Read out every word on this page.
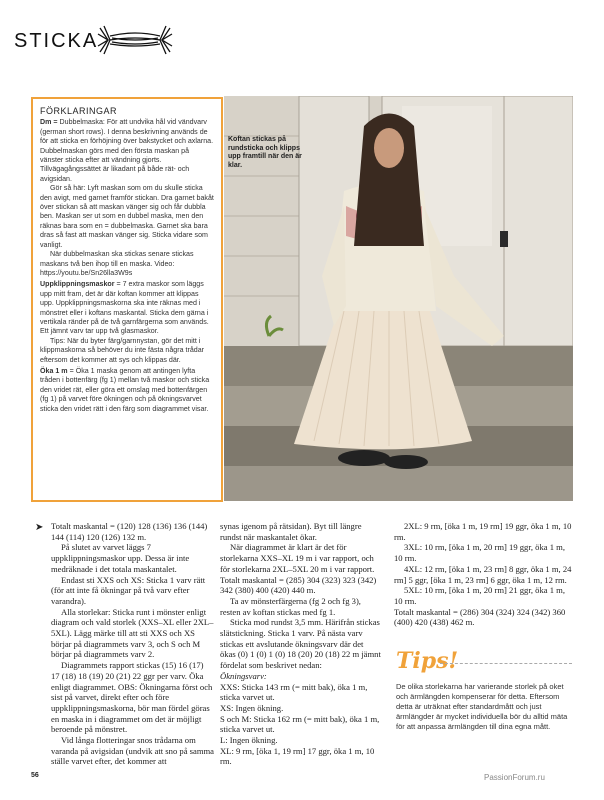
STICKA
FÖRKLARINGAR

Dm = Dubbelmaska: För att undvika hål vid vändvarv (german short rows). I denna beskrivning används de för att sticka en förhöjning över bakstycket och axlarna. Dubbelmaskan görs med den första maskan på vänster sticka efter att vändning gjorts. Tillvägagångssättet är likadant på både rät- och avigsidan.

Gör så här: Lyft maskan som om du skulle sticka den avigt, med garnet framför stickan. Dra garnet bakåt över stickan så att maskan vänger sig och får dubbla ben. Maskan ser ut som en dubbel maska, men den räknas bara som en = dubbelmaska. Garnet ska bara dras så fast att maskan vänger sig. Sticka vidare som vanligt.

När dubbelmaskan ska stickas senare stickas maskans två ben ihop till en maska. Video: https://youtu.be/Sn26lla3W9s

Uppklippningsmaskor = 7 extra maskor som läggs upp mitt fram, det är där koftan kommer att klippas upp. Uppklippningsmaskorna ska inte räknas med i mönstret eller i koftans maskantal. Sticka dem gärna i vertikala ränder på de två garnfärgerna som används. Ett jämnt varv tar upp två glasmaskor.

Tips: När du byter färg/garnnystan, gör det mitt i klippmaskorna så behöver du inte fästa några trådar eftersom det kommer att sys och klippas där.

Öka 1 m = Öka 1 maska genom att antingen lyfta tråden i bottenfärg (fg 1) mellan två maskor och sticka den vridet rät, eller göra ett omslag med bottenfärgen (fg 1) på varvet före ökningen och på ökningsvarvet sticka den vridet rätt i den färg som diagrammet visar.

Koftan stickas på rundsticka och klipps upp framtill när den är klar.
➤ Totalt maskantal = (120) 128 (136) 136 (144) 144 (114) 120 (126) 132 m.

På slutet av varvet läggs 7 uppklippningsmaskor upp. Dessa är inte medräknade i det totala maskantalet.

Endast sti XXS och XS: Sticka 1 varv rätt (för att inte få ökningar på två varv efter varandra).

Alla storlekar: Sticka runt i mönster enligt diagram och vald storlek (XXS–XL eller 2XL–5XL). Lägg märke till att sti XXS och XS börjar på diagrammets varv 3, och S och M börjar på diagrammets varv 2.

Diagrammets rapport stickas (15) 16 (17) 17 (18) 18 (19) 20 (21) 22 ggr per varv. Öka enligt diagrammet. OBS: Ökningarna först och sist på varvet, direkt efter och före uppklippningsmaskorna, bör man fördel göras en maska in i diagrammet om det är möjligt beroende på mönstret.

Vid långa flotteringar snos trådarna om varanda på avigsidan (undvik att sno på samma ställe varvet efter, det kommer att

synas igenom på rätsidan). Byt till längre rundst när maskantalet ökar.

När diagrammet är klart är det för storlekarna XXS–XL 19 m i var rapport, och för storlekarna 2XL–5XL 20 m i var rapport. Totalt maskantal = (285) 304 (323) 323 (342) 342 (380) 400 (420) 440 m.

Ta av mönsterfärgerna (fg 2 och fg 3), resten av koftan stickas med fg 1.

Sticka mod rundst 3,5 mm. Härifrån stickas slätstickning. Sticka 1 varv. På nästa varv stickas ett avslutande ökningsvarv där det ökas (0) 1 (0) 1 (0) 18 (20) 20 (18) 22 m jämnt fördelat som beskrivet nedan:

Ökningsvarv:

XXS: Sticka 143 rm (= mitt bak), öka 1 m, sticka varvet ut.

XS: Ingen ökning.

S och M: Sticka 162 rm (= mitt bak), öka 1 m, sticka varvet ut.

L: Ingen ökning.

XL: 9 rm, [öka 1, 19 rm] 17 ggr, öka 1 m, 10 rm.

2XL: 9 rm, [öka 1 m, 19 rm] 19 ggr, öka 1 m, 10 rm.

3XL: 10 rm, [öka 1 m, 20 rm] 19 ggr, öka 1 m, 10 rm.

4XL: 12 rm, [öka 1 m, 23 rm] 8 ggr, öka 1 m, 24 rm] 5 ggr, [öka 1 m, 23 rm] 6 ggr, öka 1 m, 12 rm.

5XL: 10 rm, [öka 1 m, 20 rm] 21 ggr, öka 1 m, 10 rm.

Totalt maskantal = (286) 304 (324) 324 (342) 360 (400) 420 (438) 462 m.

Tips!
De olika storlekarna har varierande storlek på oket och ärmlängden kompenserar för detta. Eftersom detta är uträknat efter standardmått och just ärmlängder är mycket individuella bör du alltid mäta för att anpassa ärmlängden till dina egna mått.
56	PassionForum.ru
